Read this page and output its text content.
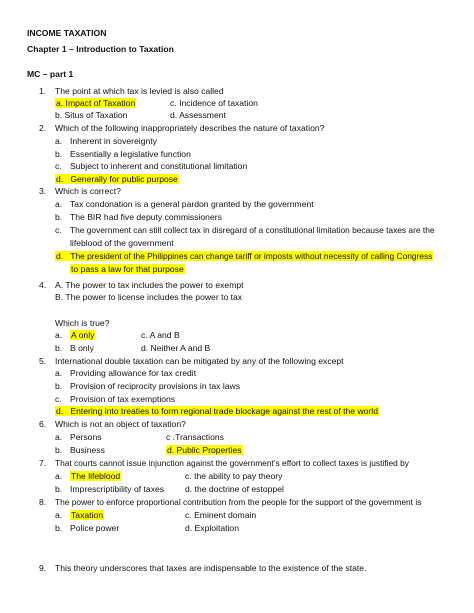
INCOME TAXATION
Chapter 1 – Introduction to Taxation
MC – part 1
1. The point at which tax is levied is also called
a. Impact of Taxation	c. Incidence of taxation
b. Situs of Taxation	d. Assessment
2. Which of the following inappropriately describes the nature of taxation?
a. Inherent in sovereignty
b. Essentially a legislative function
c. Subject to inherent and constitutional limitation
d. Generally for public purpose
3. Which is correct?
a. Tax condonation is a general pardon granted by the government
b. The BIR had five deputy commissioners
c. The government can still collect tax in disregard of a constitutional limitation because taxes are the
lifeblood of the government
d. The president of the Philippines can change tariff or imposts without necessity of calling Congress
to pass a law for that purpose
4. A. The power to tax includes the power to exempt
B. The power to license includes the power to tax
Which is true?
a. A only	c. A and B
b. B only	d. Neither A and B
5. International double taxation can be mitigated by any of the following except
a. Providing allowance for tax credit
b. Provision of reciprocity provisions in tax laws
c. Provision of tax exemptions
d. Entering into treaties to form regional trade blockage against the rest of the world
6. Which is not an object of taxation?
a. Persons	c .Transactions
b. Business	d. Public Properties
7. That courts cannot issue injunction against the government’s effort to collect taxes is justified by
a. The lifeblood	c. the ability to pay theory
b. Imprescriptibility of taxes d. the doctrine of estoppel
8. The power to enforce proportional contribution from the people for the support of the government is
a. Taxation	c. Eminent domain
b. Police power	d. Exploitation
9. This theory underscores that taxes are indispensable to the existence of the state.
